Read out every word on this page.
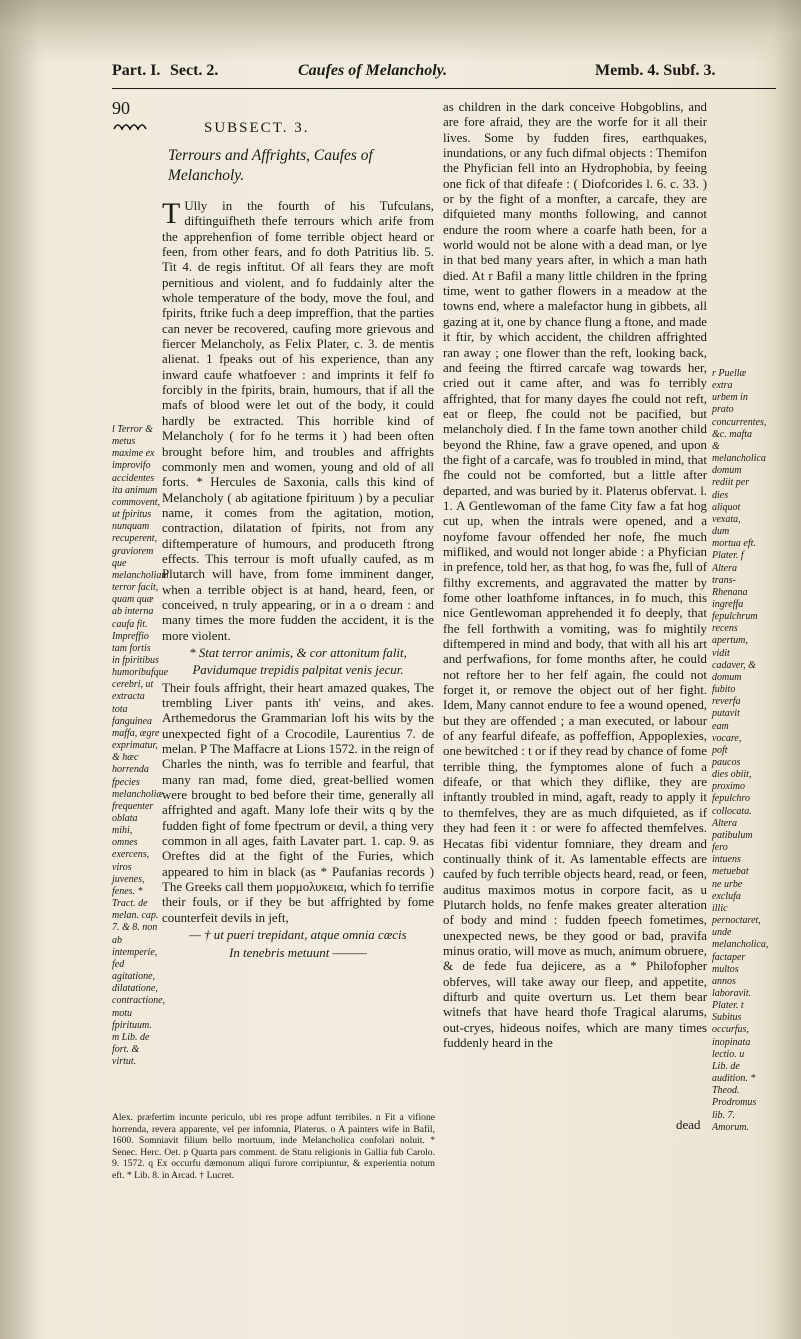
Part. I. Sect. 2.	Caufes of Melancholy.	Memb. 4. Subf. 3.
90
SUBSECT. 3.
Terrours and Affrights, Caufes of Melancholy.

T Ully in the fourth of his Tufculans, diftinguifheth thefe terrours which arife from the apprehenfion of fome terrible object heard or feen, from other fears, and fo doth Patritius lib. 5. Tit 4. de regis inftitut. Of all fears they are moft pernitious and violent, and fo fuddainly alter the whole temperature of the body, move the foul, and fpirits, ftrike fuch a deep impreffion, that the parties can never be recovered, caufing more grievous and fiercer Melancholy, as Felix Plater, c. 3. de mentis alienat. 1 fpeaks out of his experience, than any inward caufe whatfoever : and imprints it felf fo forcibly in the fpirits, brain, humours, that if all the mafs of blood were let out of the body, it could hardly be extracted. This horrible kind of Melancholy ( for fo he terms it ) had been often brought before him, and troubles and affrights commonly men and women, young and old of all forts. * Hercules de Saxonia, calls this kind of Melancholy ( ab agitatione fpirituum ) by a peculiar name, it comes from the agitation, motion, contraction, dilatation of fpirits, not from any diftemperature of humours, and produceth ftrong effects. This terrour is moft ufually caufed, as m Plutarch will have, from fome imminent danger, when a terrible object is at hand, heard, feen, or conceived, n truly appearing, or in a o dream : and many times the more fudden the accident, it is the more violent.

* Stat terror animis, & cor attonitum falit,
Pavidumque trepidis palpitat venis jecur.

Their fouls affright, their heart amazed quakes, The trembling Liver pants ith' veins, and akes. Arthemedorus the Grammarian loft his wits by the unexpected fight of a Crocodile, Laurentius 7. de melan. P The Maffacre at Lions 1572. in the reign of Charles the ninth, was fo terrible and fearful, that many ran mad, fome died, great-bellied women were brought to bed before their time, generally all affrighted and agaft. Many lofe their wits q by the fudden fight of fome fpectrum or devil, a thing very common in all ages, faith Lavater part. 1. cap. 9. as Oreftes did at the fight of the Furies, which appeared to him in black (as * Paufanias records ) The Greeks call them μορμολυκεια, which fo terrifie their fouls, or if they be but affrighted by fome counterfeit devils in jeft,

— † ut pueri trepidant, atque omnia cæcis
In tenebris metuunt ———
l Terror & metus maxime ex improvifo accidentes ita animum commovent, ut fpiritus nunquam recuperent, graviorem que melancholiam terror facit, quam quæ ab interna caufa fit. Impreffio tam fortis in fpiritibus humoribufque cerebri, ut extracta tota fanguinea maffa, ægre exprimatur, & hæc horrenda fpecies melancholiæ frequenter oblata mihi, omnes exercens, viros juvenes, fenes. * Tract. de melan. cap. 7. & 8. non ab intemperie, fed agitatione, dilatatione, contractione, motu fpirituum. m Lib. de fort. & virtut.

as children in the dark conceive Hobgoblins, and are fore afraid, they are the worfe for it all their lives. Some by fudden fires, earthquakes, inundations, or any fuch difmal objects : Themifon the Phyfician fell into an Hydrophobia, by feeing one fick of that difeafe : ( Diofcorides l. 6. c. 33. ) or by the fight of a monfter, a carcafe, they are difquieted many months following, and cannot endure the room where a coarfe hath been, for a world would not be alone with a dead man, or lye in that bed many years after, in which a man hath died. At r Bafil a many little children in the fpring time, went to gather flowers in a meadow at the towns end, where a malefactor hung in gibbets, all gazing at it, one by chance flung a ftone, and made it ftir, by which accident, the children affrighted ran away ; one flower than the reft, looking back, and feeing the ftirred carcafe wag towards her, cried out it came after, and was fo terribly affrighted, that for many dayes fhe could not reft, eat or fleep, fhe could not be pacified, but melancholy died. f In the fame town another child beyond the Rhine, faw a grave opened, and upon the fight of a carcafe, was fo troubled in mind, that fhe could not be comforted, but a little after departed, and was buried by it. Platerus obfervat. l. 1. A Gentlewoman of the fame City faw a fat hog cut up, when the intrals were opened, and a noyfome favour offended her nofe, fhe much mifliked, and would not longer abide : a Phyfician in prefence, told her, as that hog, fo was fhe, full of filthy excrements, and aggravated the matter by fome other loathfome inftances, in fo much, this nice Gentlewoman apprehended it fo deeply, that fhe fell forthwith a vomiting, was fo mightily diftempered in mind and body, that with all his art and perfwafions, for fome months after, he could not reftore her to her felf again, fhe could not forget it, or remove the object out of her fight. Idem, Many cannot endure to fee a wound opened, but they are offended ; a man executed, or labour of any fearful difeafe, as poffeffion, Appoplexies, one bewitched : t or if they read by chance of fome terrible thing, the fymptomes alone of fuch a difeafe, or that which they diflike, they are inftantly troubled in mind, agaft, ready to apply it to themfelves, they are as much difquieted, as if they had feen it : or were fo affected themfelves. Hecatas fibi videntur fomniare, they dream and continually think of it. As lamentable effects are caufed by fuch terrible objects heard, read, or feen, auditus maximos motus in corpore facit, as u Plutarch holds, no fenfe makes greater alteration of body and mind : fudden fpeech fometimes, unexpected news, be they good or bad, pravifa minus oratio, will move as much, animum obruere, & de fede fua dejicere, as a * Philofopher obferves, will take away our fleep, and appetite, difturb and quite overturn us. Let them bear witnefs that have heard thofe Tragical alarums, out-cryes, hideous noifes, which are many times fuddenly heard in the

r Puellæ extra urbem in prato concurrentes, &c. mafta & melancholica domum rediit per dies aliquot vexata, dum mortua eft. Plater. f Altera trans-Rhenana ingreffa fepulchrum recens apertum, vidit cadaver, & domum fubito reverfa putavit eam vocare, poft paucos dies obiit, proximo fepulchro collocata. Altera patibulum fero intuens metuebat ne urbe exclufa illic pernoctaret, unde melancholica, factaper multos annos laboravit. Plater. t Subitus occurfus, inopinata lectio. u Lib. de audition. * Theod. Prodromus lib. 7. Amorum.
Alex. præfertim incunte periculo, ubi res prope adfunt terribiles. n Fit a vifione horrenda, revera apparente, vel per infomnia, Platerus. o A painters wife in Bafil, 1600. Somniavit filium bello mortuum, inde Melancholica confolari noluit. * Senec. Herc. Oet. p Quarta pars comment. de Statu religionis in Gallia fub Carolo. 9. 1572. q Ex occurfu dæmonum aliqui furore corripiuntur, & experientia notum eft. * Lib. 8. in Arcad. † Lucret.
dead
